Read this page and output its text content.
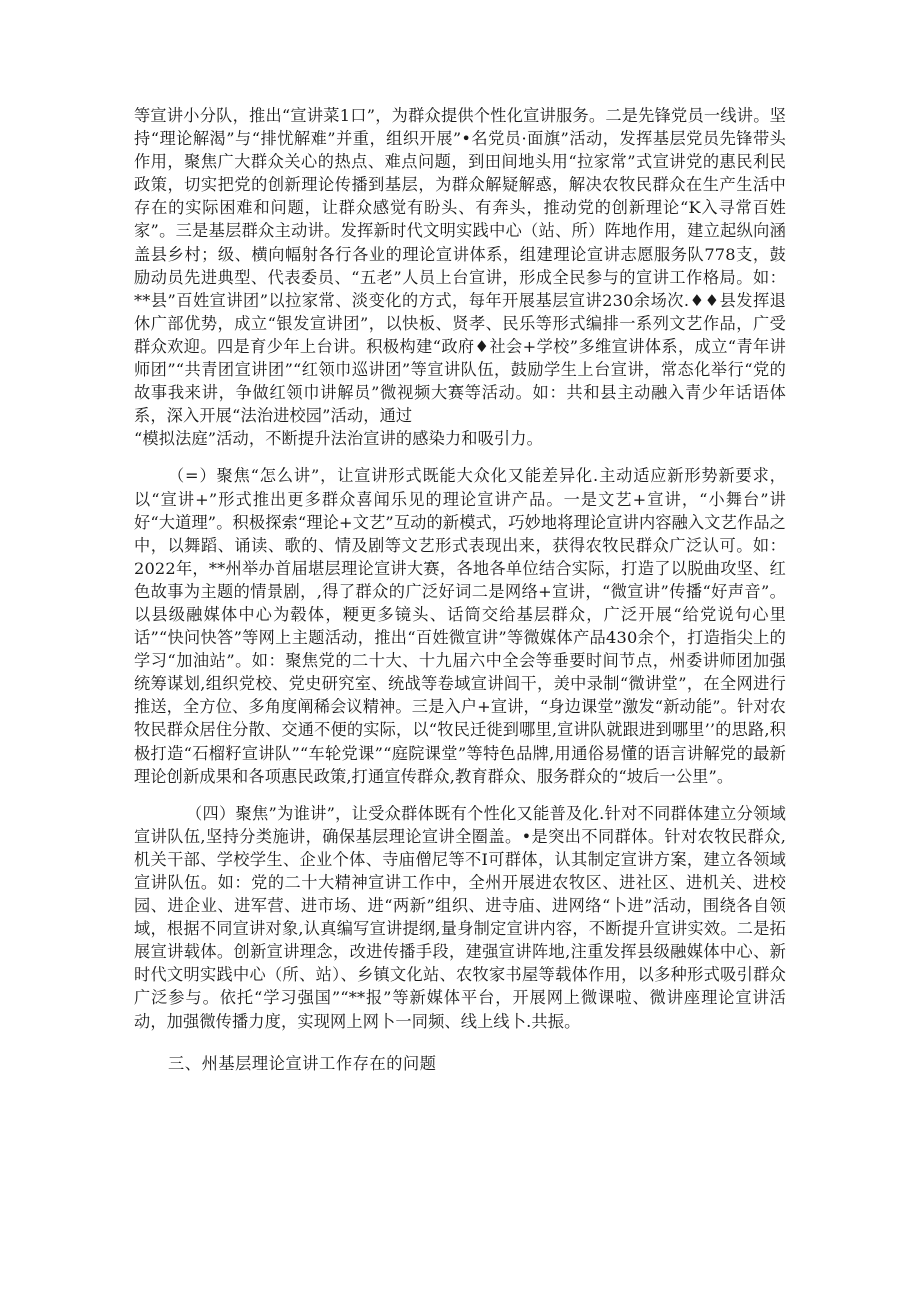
等宣讲小分队，推出“宣讲菜1口”，为群众提供个性化宣讲服务。二是先锋党员一线讲。坚持“理论解渴”与“排忧解难”并重，组织开展”•名党员·面旗”活动，发挥基层党员先锋带头作用，聚焦广大群众关心的热点、难点问题，到田间地头用“拉家常”式宣讲党的惠民利民政策，切实把党的创新理论传播到基层，为群众解疑解惑，解决农牧民群众在生产生活中存在的实际困难和问题，让群众感觉有盼头、有奔头，推动党的创新理论“K入寻常百姓家”。三是基层群众主动讲。发挥新时代文明实践中心（站、所）阵地作用，建立起纵向涵盖县乡村；级、横向幅射各行各业的理论宣讲体系，组建理论宣讲志愿服务队778支，鼓励动员先进典型、代表委员、“五老”人员上台宣讲，形成全民参与的宣讲工作格局。如：**县”百姓宣讲团”以拉家常、淡变化的方式，每年开展基层宣讲230余场次.♦♦县发挥退休广部优势，成立“银发宣讲团”，以快板、贤孝、民乐等形式编排一系列文艺作品，广受群众欢迎。四是育少年上台讲。积极构建“政府♦社会+学校”多维宣讲体系，成立“青年讲师团”“共青团宣讲团”“红领巾巡讲团”等宣讲队伍，鼓励学生上台宣讲，常态化举行“党的故事我来讲，争做红领巾讲解员”微视频大赛等活动。如：共和县主动融入青少年话语体系，深入开展“法治进校园”活动，通过

“模拟法庭”活动，不断提升法治宣讲的感染力和吸引力。

（=）聚焦“怎么讲”，让宣讲形式既能大众化又能差异化.主动适应新形势新要求，以“宣讲+”形式推出更多群众喜闻乐见的理论宣讲产品。一是文艺+宣讲，“小舞台”讲好“大道理”。积极探索“理论+文艺”互动的新模式，巧妙地将理论宣讲内容融入文艺作品之中，以舞蹈、诵读、歌的、情及剧等文艺形式表现出来，获得农牧民群众广泛认可。如：2022年，**州举办首届堪层理论宣讲大赛，各地各单位结合实际，打造了以脱曲攻坚、红色故事为主题的情景剧，,得了群众的广泛好词二是网络+宣讲，“微宣讲”传播“好声音”。以县级融媒体中心为毂体，粳更多镜头、话筒交给基层群众，广泛开展“给党说句心里话”“快问快答”等网上主题活动，推出“百姓微宣讲”等微媒体产品430余个，打造指尖上的学习“加油站”。如：聚焦党的二十大、十九届六中全会等垂要时间节点，州委讲师团加强统筹谋划,组织党校、党史研究室、统战等卷域宣讲闾干，羙中录制“微讲堂”，在全网进行推送，全方位、多角度阐稀会议精神。三是入户+宣讲，“身边课堂”激发“新动能”。针对农牧民群众居住分散、交通不便的实际，以“牧民迁徙到哪里,宣讲队就跟进到哪里’’的思路,积极打造“石榴籽宣讲队”“车轮党课”“庭院课堂”等特色品牌,用通俗易懂的语言讲解党的最新理论创新成果和各项惠民政策,打通宣传群众,教育群众、服务群众的“坡后一公里”。

（四）聚焦”为谁讲”，让受众群体既有个性化又能普及化.针对不同群体建立分领域宣讲队伍,坚持分类施讲，确保基层理论宣讲全圈盖。•是突出不同群体。针对农牧民群众,机关干部、学校学生、企业个体、寺庙僧尼等不I可群体，认其制定宣讲方案，建立各领域宣讲队伍。如：党的二十大精神宣讲工作中，全州开展进农牧区、进社区、进机关、进校园、进企业、进军营、进市场、进“两新”组织、进寺庙、进网络“卜进”活动，围绕各自领域，根据不同宣讲对象,认真编写宣讲提纲,量身制定宣讲内容，不断提升宣讲实效。二是拓展宣讲载体。创新宣讲理念，改进传播手段，建强宣讲阵地,注重发挥县级融媒体中心、新时代文明实践中心（所、站）、乡镇文化站、农牧家书屋等载体作用，以多种形式吸引群众广泛参与。依托“学习强国”“**报”等新媒体平台，开展网上微课啦、微讲座理论宣讲活动，加强微传播力度，实现网上网卜一同频、线上线卜.共振。

三、州基层理论宣讲工作存在的问题
